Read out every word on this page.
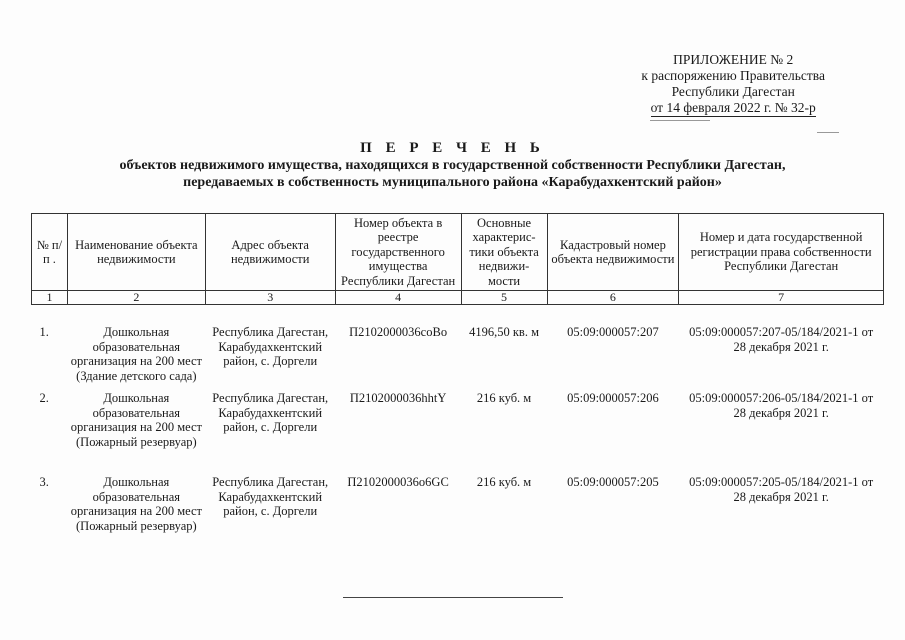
ПРИЛОЖЕНИЕ № 2
к распоряжению Правительства
Республики Дагестан
от 14 февраля 2022 г. № 32-р
П Е Р Е Ч Е Н Ь
объектов недвижимого имущества, находящихся в государственной собственности Республики Дагестан,
передаваемых в собственность муниципального района «Карабудахкентский район»
№ п/п .	Наименование объекта недвижимости	Адрес объекта недвижимости	Номер объекта в реестре государственного имущества Республики Дагестан	Основные характерис-тики объекта недвижи-мости	Кадастровый номер объекта недвижимости	Номер и дата государственной регистрации права собственности Республики Дагестан
1	2	3	4	5	6	7
1.	Дошкольная образовательная организация на 200 мест (Здание детского сада)	Республика Дагестан, Карабудахкентский район, с. Доргели	П2102000036coBo	4196,50 кв. м	05:09:000057:207	05:09:000057:207-05/184/2021-1 от 28 декабря 2021 г.
2.	Дошкольная образовательная организация на 200 мест (Пожарный резервуар)	Республика Дагестан, Карабудахкентский район, с. Доргели	П2102000036hhtY	216 куб. м	05:09:000057:206	05:09:000057:206-05/184/2021-1 от 28 декабря 2021 г.
3.	Дошкольная образовательная организация на 200 мест (Пожарный резервуар)	Республика Дагестан, Карабудахкентский район, с. Доргели	П2102000036o6GC	216 куб. м	05:09:000057:205	05:09:000057:205-05/184/2021-1 от 28 декабря 2021 г.
